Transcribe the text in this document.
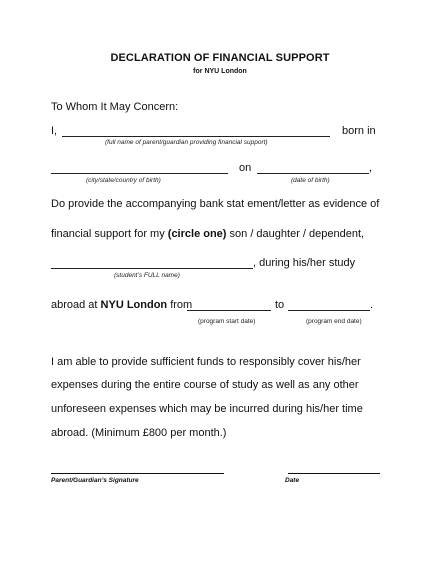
DECLARATION OF FINANCIAL SUPPORT
for NYU London
To Whom It May Concern:
I,	born in
(full name of parent/guardian providing financial support)
on	,
(city/state/country of birth)	(date of birth)
Do provide the accompanying bank stat ement/letter as evidence of
financial support for my (circle one) son / daughter / dependent,
, during his/her study
(student’s FULL name)
abroad at NYU London from	to	.
(program start date)	(program end date)
I am able to provide sufficient funds to responsibly cover his/her
expenses during the entire course of study as well as any other
unforeseen expenses which may be incurred during his/her time
abroad. (Minimum £800 per month.)
Parent/Guardian’s Signature	Date
